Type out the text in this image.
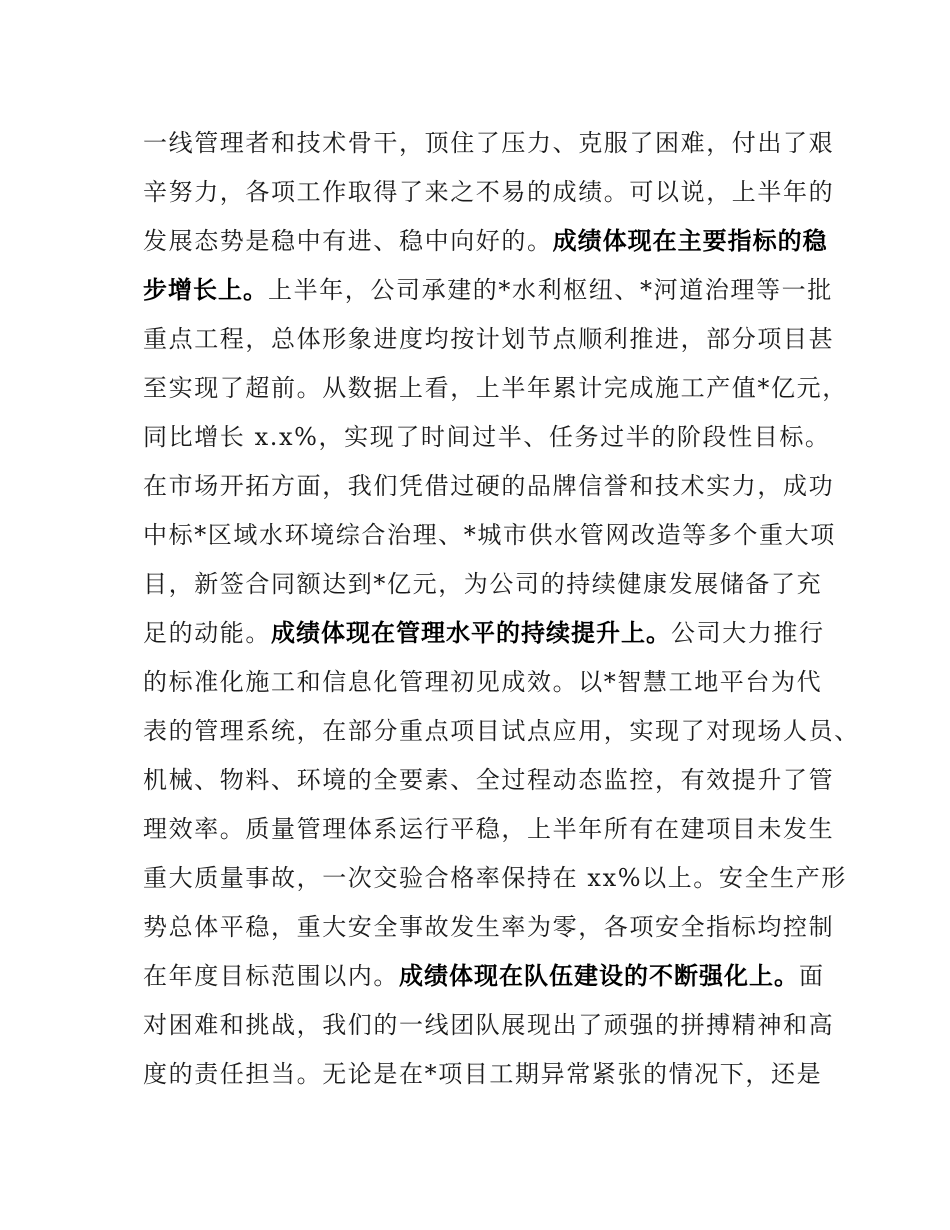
一线管理者和技术骨干，顶住了压力、克服了困难，付出了艰
辛努力，各项工作取得了来之不易的成绩。可以说，上半年的
发展态势是稳中有进、稳中向好的。成绩体现在主要指标的稳
步增长上。上半年，公司承建的*水利枢纽、*河道治理等一批
重点工程，总体形象进度均按计划节点顺利推进，部分项目甚
至实现了超前。从数据上看，上半年累计完成施工产值*亿元，
同比增长 x.x%，实现了时间过半、任务过半的阶段性目标。
在市场开拓方面，我们凭借过硬的品牌信誉和技术实力，成功
中标*区域水环境综合治理、*城市供水管网改造等多个重大项
目，新签合同额达到*亿元，为公司的持续健康发展储备了充
足的动能。成绩体现在管理水平的持续提升上。公司大力推行
的标准化施工和信息化管理初见成效。以*智慧工地平台为代
表的管理系统，在部分重点项目试点应用，实现了对现场人员、
机械、物料、环境的全要素、全过程动态监控，有效提升了管
理效率。质量管理体系运行平稳，上半年所有在建项目未发生
重大质量事故，一次交验合格率保持在 xx%以上。安全生产形
势总体平稳，重大安全事故发生率为零，各项安全指标均控制
在年度目标范围以内。成绩体现在队伍建设的不断强化上。面
对困难和挑战，我们的一线团队展现出了顽强的拼搏精神和高
度的责任担当。无论是在*项目工期异常紧张的情况下，还是
